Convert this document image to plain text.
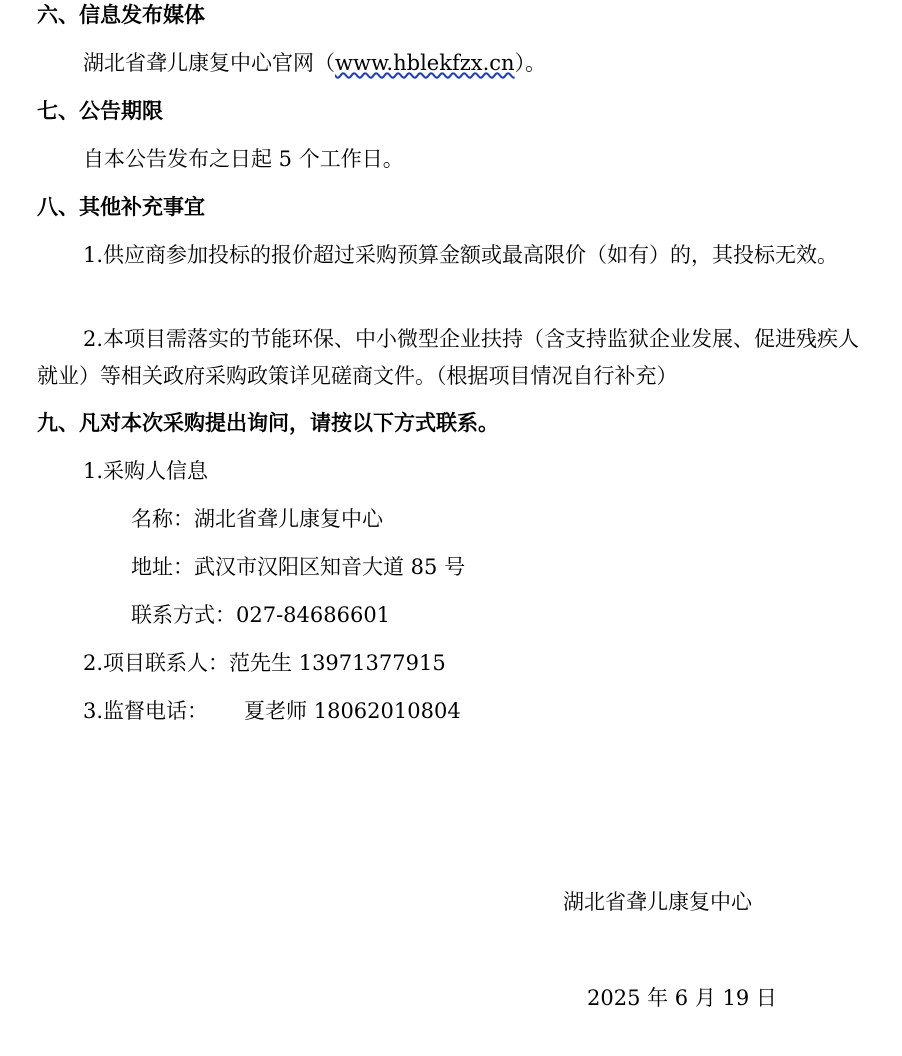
六、信息发布媒体
湖北省聋儿康复中心官网（www.hblekfzx.cn）。
七、公告期限
自本公告发布之日起 5 个工作日。
八、其他补充事宜
1.供应商参加投标的报价超过采购预算金额或最高限价（如有）的，其投标无效。
2.本项目需落实的节能环保、中小微型企业扶持（含支持监狱企业发展、促进残疾人就业）等相关政府采购政策详见磋商文件。（根据项目情况自行补充）
九、凡对本次采购提出询问，请按以下方式联系。
1.采购人信息
名称：湖北省聋儿康复中心
地址：武汉市汉阳区知音大道 85 号
联系方式：027-84686601
2.项目联系人：范先生 13971377915
3.监督电话： 夏老师 18062010804
湖北省聋儿康复中心
2025 年 6 月 19 日
